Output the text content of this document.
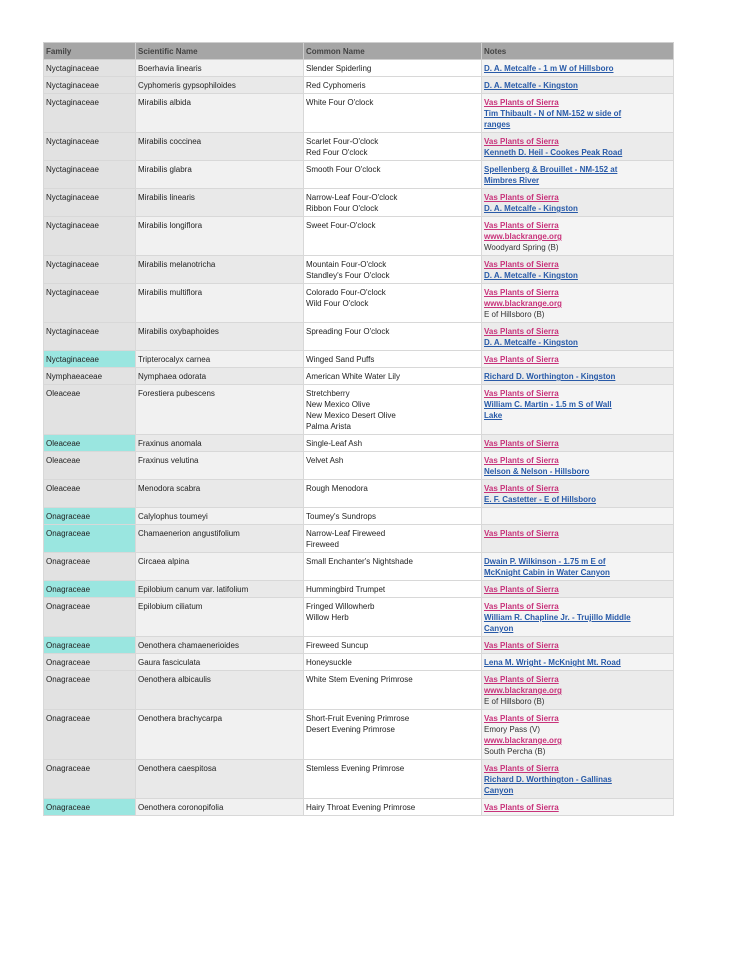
Family	Scientific Name	Common Name	Notes
Nyctaginaceae	Boerhavia linearis	Slender Spiderling	D. A. Metcalfe - 1 m W of Hillsboro

Nyctaginaceae	Cyphomeris gypsophiloides	Red Cyphomeris	D. A. Metcalfe - Kingston

Nyctaginaceae	Mirabilis albida	White Four O'clock	Vas Plants of Sierra
Tim Thibault - N of NM-152 w side of
ranges

Nyctaginaceae	Mirabilis coccinea	Scarlet Four-O'clock
Red Four O'clock	Vas Plants of Sierra
Kenneth D. Heil - Cookes Peak Road

Nyctaginaceae	Mirabilis glabra	Smooth Four O'clock	Spellenberg & Brouillet - NM-152 at
Mimbres River

Nyctaginaceae	Mirabilis linearis	Narrow-Leaf Four-O'clock
Ribbon Four O'clock	Vas Plants of Sierra
D. A. Metcalfe - Kingston

Nyctaginaceae	Mirabilis longiflora	Sweet Four-O'clock	Vas Plants of Sierra
www.blackrange.org
Woodyard Spring (B)

Nyctaginaceae	Mirabilis melanotricha	Mountain Four-O'clock
Standley's Four O'clock	Vas Plants of Sierra
D. A. Metcalfe - Kingston

Nyctaginaceae	Mirabilis multiflora	Colorado Four-O'clock
Wild Four O'clock	Vas Plants of Sierra
www.blackrange.org
E of Hillsboro (B)

Nyctaginaceae	Mirabilis oxybaphoides	Spreading Four O'clock	Vas Plants of Sierra
D. A. Metcalfe - Kingston

Nyctaginaceae	Tripterocalyx carnea	Winged Sand Puffs	Vas Plants of Sierra

Nymphaeaceae	Nymphaea odorata	American White Water Lily	Richard D. Worthington - Kingston

Oleaceae	Forestiera pubescens	Stretchberry
New Mexico Olive
New Mexico Desert Olive
Palma Arista	Vas Plants of Sierra
William C. Martin - 1.5 m S of Wall
Lake

Oleaceae	Fraxinus anomala	Single-Leaf Ash	Vas Plants of Sierra

Oleaceae	Fraxinus velutina	Velvet Ash	Vas Plants of Sierra
Nelson & Nelson - Hillsboro

Oleaceae	Menodora scabra	Rough Menodora	Vas Plants of Sierra
E. F. Castetter - E of Hillsboro

Onagraceae	Calylophus toumeyi	Toumey's Sundrops	

Onagraceae	Chamaenerion angustifolium	Narrow-Leaf Fireweed
Fireweed	Vas Plants of Sierra

Onagraceae	Circaea alpina	Small Enchanter's Nightshade	Dwain P. Wilkinson - 1.75 m E of
McKnight Cabin in Water Canyon

Onagraceae	Epilobium canum var. latifolium	Hummingbird Trumpet	Vas Plants of Sierra

Onagraceae	Epilobium ciliatum	Fringed Willowherb
Willow Herb	Vas Plants of Sierra
William R. Chapline Jr. - Trujillo Middle
Canyon

Onagraceae	Oenothera chamaenerioides	Fireweed Suncup	Vas Plants of Sierra

Onagraceae	Gaura fasciculata	Honeysuckle	Lena M. Wright - McKnight Mt. Road

Onagraceae	Oenothera albicaulis	White Stem Evening Primrose	Vas Plants of Sierra
www.blackrange.org
E of Hillsboro (B)

Onagraceae	Oenothera brachycarpa	Short-Fruit Evening Primrose
Desert Evening Primrose	Vas Plants of Sierra
Emory Pass (V)
www.blackrange.org
South Percha (B)

Onagraceae	Oenothera caespitosa	Stemless Evening Primrose	Vas Plants of Sierra
Richard D. Worthington - Gallinas
Canyon

Onagraceae	Oenothera coronopifolia	Hairy Throat Evening Primrose	Vas Plants of Sierra
